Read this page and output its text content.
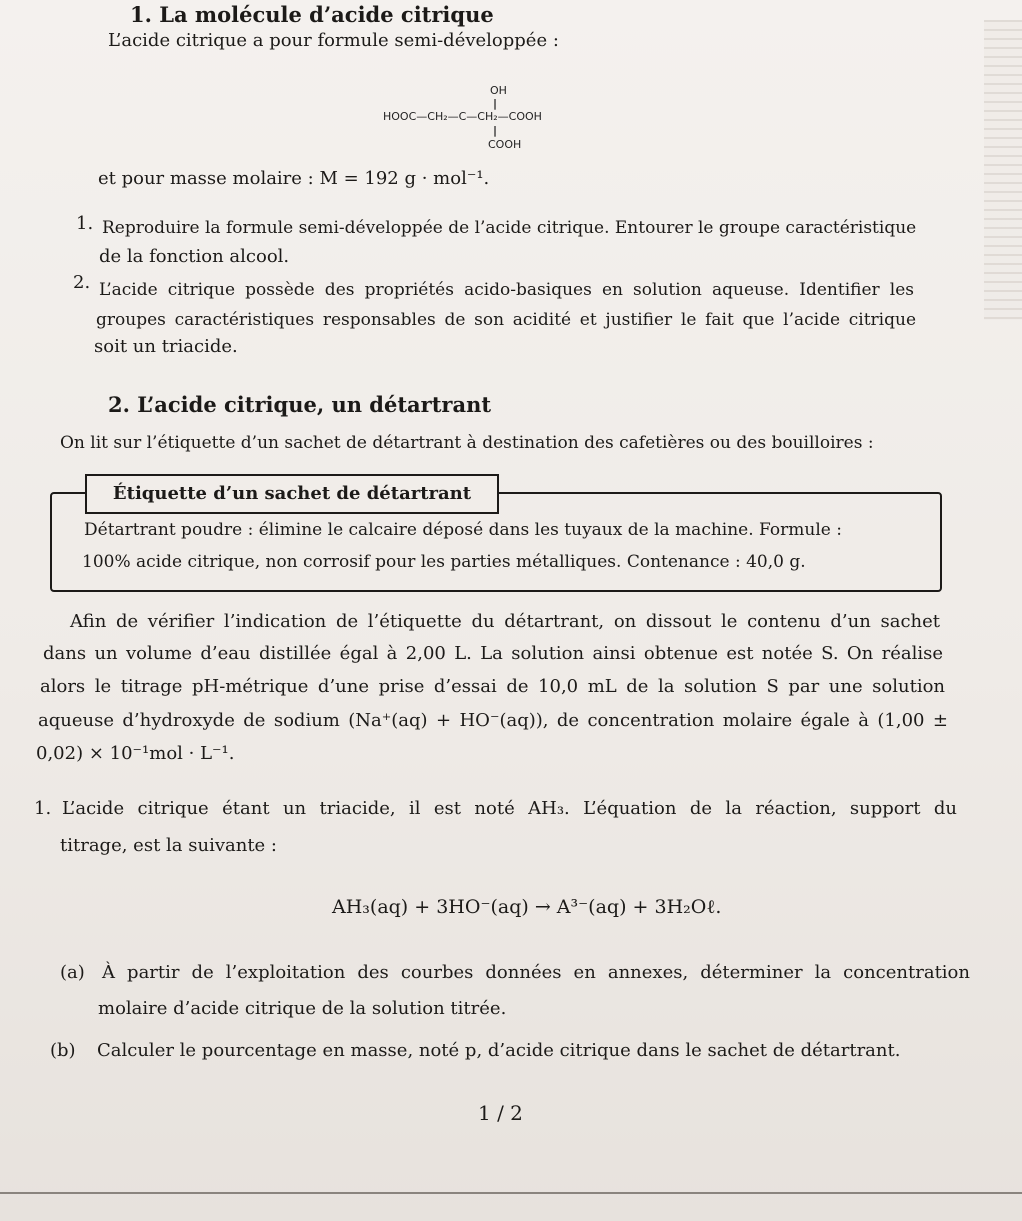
1. La molécule d’acide citrique
L’acide citrique a pour formule semi-développée :
OH
|
HOOC—CH₂—C—CH₂—COOH
|
COOH
et pour masse molaire : M = 192 g · mol⁻¹.
1. Reproduire la formule semi-développée de l’acide citrique. Entourer le groupe caractéristique
de la fonction alcool.
2. L’acide citrique possède des propriétés acido-basiques en solution aqueuse. Identifier les
groupes caractéristiques responsables de son acidité et justifier le fait que l’acide citrique
soit un triacide.
2. L’acide citrique, un détartrant
On lit sur l’étiquette d’un sachet de détartrant à destination des cafetières ou des bouilloires :
Étiquette d’un sachet de détartrant
Détartrant poudre : élimine le calcaire déposé dans les tuyaux de la machine. Formule :
100% acide citrique, non corrosif pour les parties métalliques. Contenance : 40,0 g.
Afin de vérifier l’indication de l’étiquette du détartrant, on dissout le contenu d’un sachet
dans un volume d’eau distillée égal à 2,00 L. La solution ainsi obtenue est notée S. On réalise
alors le titrage pH-métrique d’une prise d’essai de 10,0 mL de la solution S par une solution
aqueuse d’hydroxyde de sodium (Na⁺(aq) + HO⁻(aq)), de concentration molaire égale à (1,00 ±
0,02) × 10⁻¹mol · L⁻¹.
1. L’acide citrique étant un triacide, il est noté AH₃. L’équation de la réaction, support du
titrage, est la suivante :
AH₃(aq) + 3HO⁻(aq) → A³⁻(aq) + 3H₂Oℓ.
(a) À partir de l’exploitation des courbes données en annexes, déterminer la concentration
molaire d’acide citrique de la solution titrée.
(b) Calculer le pourcentage en masse, noté p, d’acide citrique dans le sachet de détartrant.
1 / 2
